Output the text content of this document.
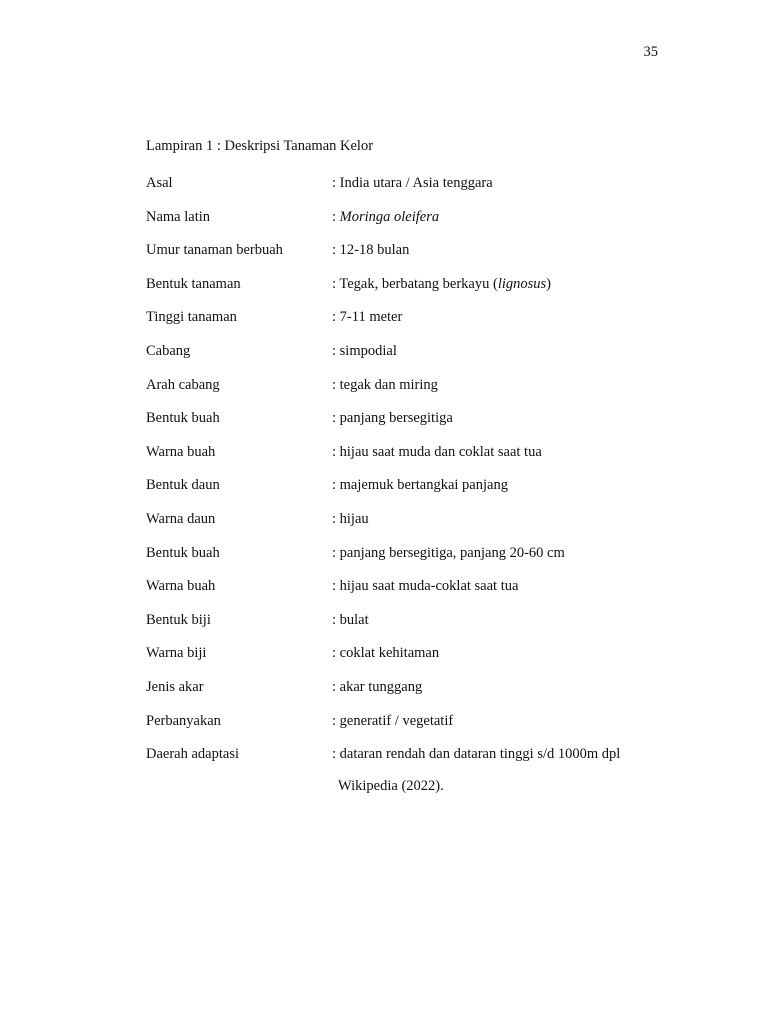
35
Lampiran 1 : Deskripsi Tanaman Kelor
Asal	: India utara / Asia tenggara
Nama latin	: Moringa oleifera
Umur tanaman berbuah	: 12-18 bulan
Bentuk tanaman	: Tegak, berbatang berkayu (lignosus)
Tinggi tanaman	: 7-11 meter
Cabang	: simpodial
Arah cabang	: tegak dan miring
Bentuk buah	: panjang bersegitiga
Warna buah	: hijau saat muda dan coklat saat tua
Bentuk daun	: majemuk bertangkai panjang
Warna daun	: hijau
Bentuk buah	: panjang bersegitiga, panjang 20-60 cm
Warna buah	: hijau saat muda-coklat saat tua
Bentuk biji	: bulat
Warna biji	: coklat kehitaman
Jenis akar	: akar tunggang
Perbanyakan	: generatif / vegetatif
Daerah adaptasi	: dataran rendah dan dataran tinggi s/d 1000m dpl
Wikipedia (2022).
